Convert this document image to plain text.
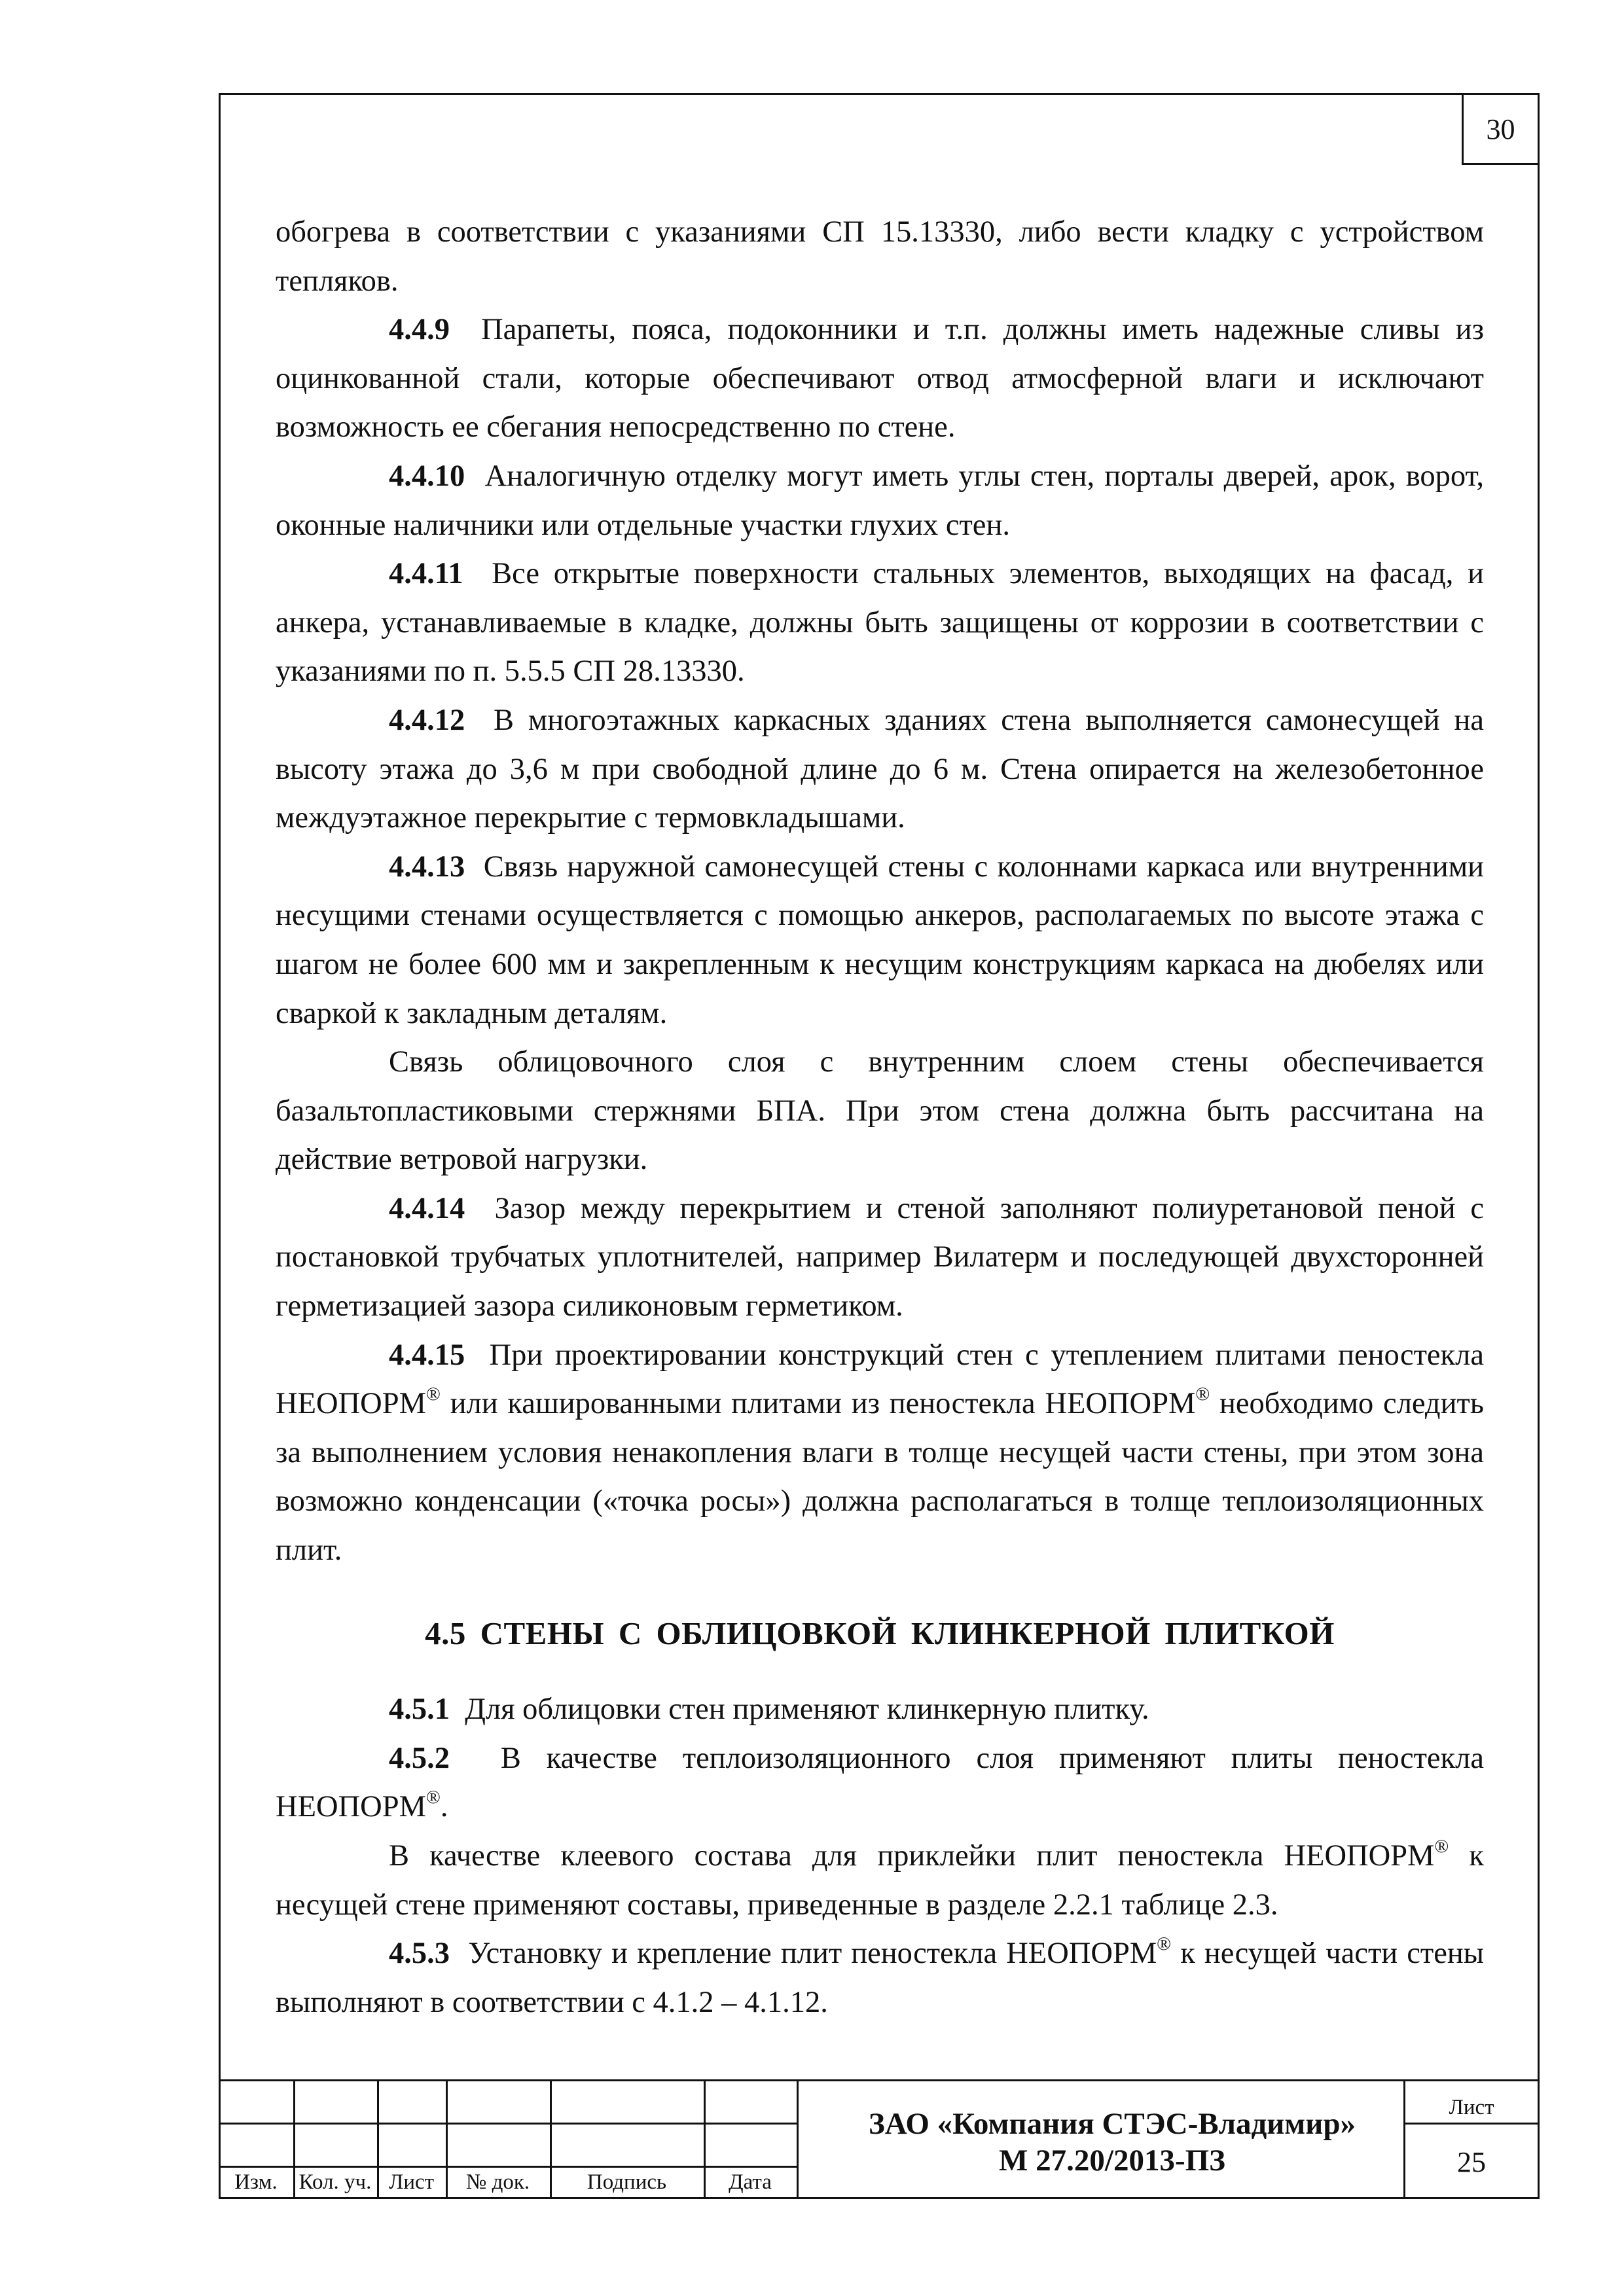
30

обогрева в соответствии с указаниями СП 15.13330, либо вести кладку с устройством тепляков.

4.4.9 Парапеты, пояса, подоконники и т.п. должны иметь надежные сливы из оцинкованной стали, которые обеспечивают отвод атмосферной влаги и исключают возможность ее сбегания непосредственно по стене.

4.4.10 Аналогичную отделку могут иметь углы стен, порталы дверей, арок, ворот, оконные наличники или отдельные участки глухих стен.

4.4.11 Все открытые поверхности стальных элементов, выходящих на фасад, и анкера, устанавливаемые в кладке, должны быть защищены от коррозии в соответствии с указаниями по п. 5.5.5 СП 28.13330.

4.4.12 В многоэтажных каркасных зданиях стена выполняется самонесущей на высоту этажа до 3,6 м при свободной длине до 6 м. Стена опирается на железобетонное междуэтажное перекрытие с термовкладышами.

4.4.13 Связь наружной самонесущей стены с колоннами каркаса или внутренними несущими стенами осуществляется с помощью анкеров, располагаемых по высоте этажа с шагом не более 600 мм и закрепленным к несущим конструкциям каркаса на дюбелях или сваркой к закладным деталям.

Связь облицовочного слоя с внутренним слоем стены обеспечивается базальтопластиковыми стержнями БПА. При этом стена должна быть рассчитана на действие ветровой нагрузки.

4.4.14 Зазор между перекрытием и стеной заполняют полиуретановой пеной с постановкой трубчатых уплотнителей, например Вилатерм и последующей двухсторонней герметизацией зазора силиконовым герметиком.

4.4.15 При проектировании конструкций стен с утеплением плитами пеностекла НЕОПОРМ® или кашированными плитами из пеностекла НЕОПОРМ® необходимо следить за выполнением условия ненакопления влаги в толще несущей части стены, при этом зона возможно конденсации («точка росы») должна располагаться в толще теплоизоляционных плит.

4.5 СТЕНЫ С ОБЛИЦОВКОЙ КЛИНКЕРНОЙ ПЛИТКОЙ

4.5.1 Для облицовки стен применяют клинкерную плитку.

4.5.2 В качестве теплоизоляционного слоя применяют плиты пеностекла НЕОПОРМ®.

В качестве клеевого состава для приклейки плит пеностекла НЕОПОРМ® к несущей стене применяют составы, приведенные в разделе 2.2.1 таблице 2.3.

4.5.3 Установку и крепление плит пеностекла НЕОПОРМ® к несущей части стены выполняют в соответствии с 4.1.2 – 4.1.12.

Изм. Кол. уч. Лист	№ док.	Подпись	Дата
ЗАО «Компания СТЭС-Владимир»
М 27.20/2013-ПЗ
Лист
25
